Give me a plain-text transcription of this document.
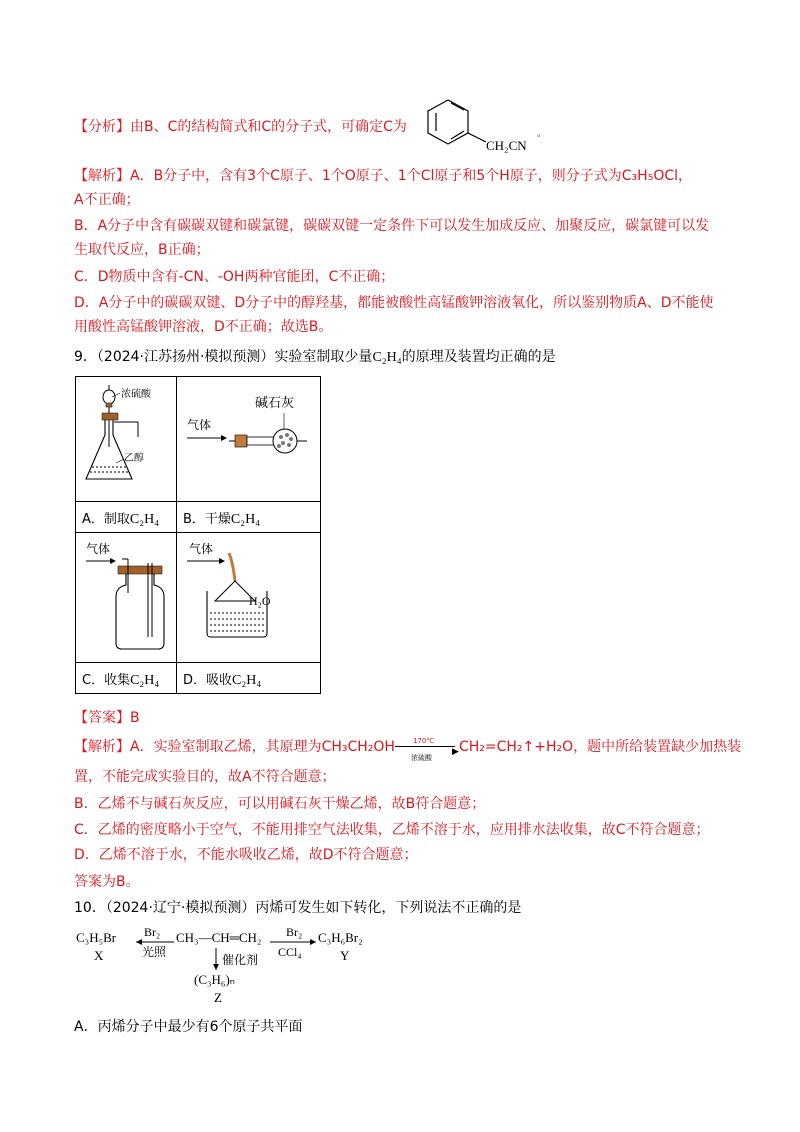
【分析】由B、C的结构简式和C的分子式，可确定C为
CH₂CN
。
【解析】A．B分子中，含有3个C原子、1个O原子、1个Cl原子和5个H原子，则分子式为C₃H₅OCl，
A不正确；
B．A分子中含有碳碳双键和碳氯键，碳碳双键一定条件下可以发生加成反应、加聚反应，碳氯键可以发
生取代反应，B正确；
C．D物质中含有-CN、-OH两种官能团，C不正确；
D．A分子中的碳碳双键、D分子中的醇羟基，都能被酸性高锰酸钾溶液氧化，所以鉴别物质A、D不能使
用酸性高锰酸钾溶液，D不正确；故选B。
9．（2024·江苏扬州·模拟预测）实验室制取少量C₂H₄的原理及装置均正确的是
浓硫酸
乙醇	碱石灰
气体

A．制取C₂H₄	B．干燥C₂H₄

气体	气体
H₂O

C．收集C₂H₄	D．吸收C₂H₄
【答案】B
【解析】A．实验室制取乙烯，其原理为CH₃CH₂OH	170℃
▶
浓硫酸
CH₂=CH₂↑+H₂O，题中所给装置缺少加热装
置，不能完成实验目的，故A不符合题意；
B．乙烯不与碱石灰反应，可以用碱石灰干燥乙烯，故B符合题意；
C．乙烯的密度略小于空气，不能用排空气法收集，乙烯不溶于水，应用排水法收集，故C不符合题意；
D．乙烯不溶于水，不能水吸收乙烯，故D不符合题意；
答案为B。
10．（2024·辽宁·模拟预测）丙烯可发生如下转化，下列说法不正确的是
C₃H₅Br
X
Br₂
光照
CH₃—CH═CH₂ Br₂
CCl₄
C₃H₆Br₂
Y
催化剂
(C₃H₆)ₙ
Z
A．丙烯分子中最少有6个原子共平面
